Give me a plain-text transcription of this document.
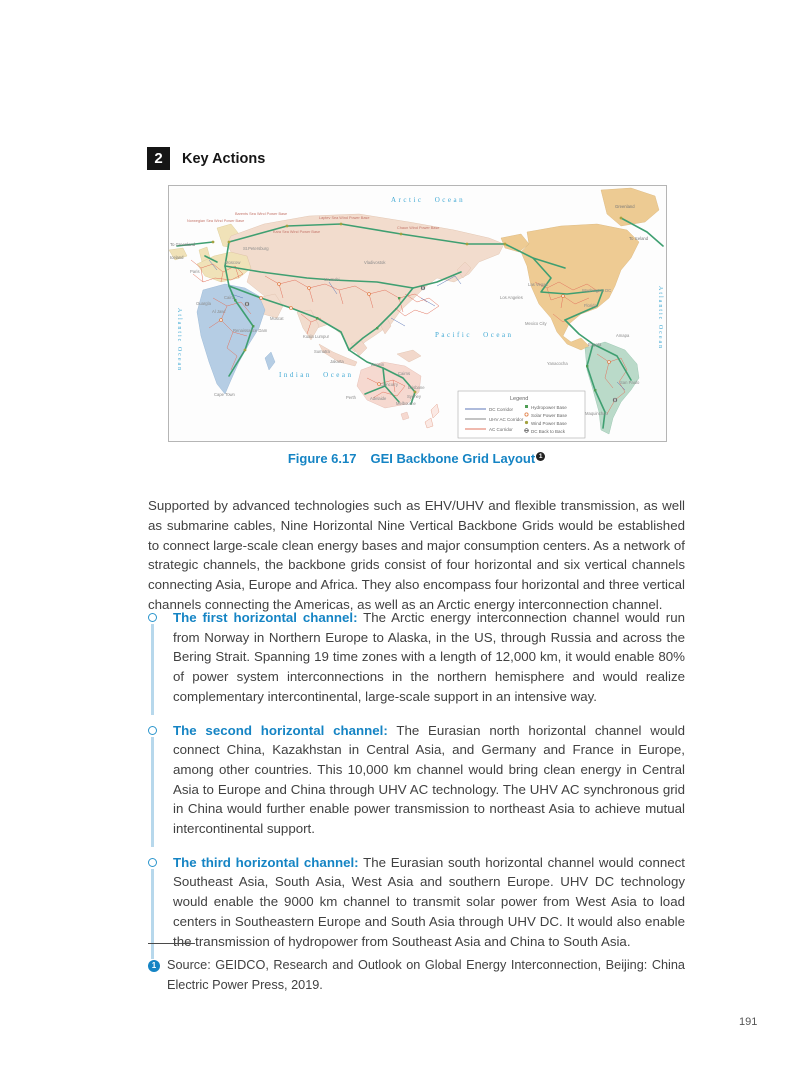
2	Key Actions
Arctic Ocean
Pacific Ocean
Indian Ocean
Atlantic Ocean	Atlantic Ocean
To Greenland
Iceland
Greenland
To Iceland
Norwegian Sea Wind Power Base
Barents Sea Wind Power Base
Kara Sea Wind Power Base
Laptev Sea Wind Power Base
Chaun Wind Power Base
St.Petersburg
Moscow
Paris
Urumchi
Vladivostok
Cairo
Ouargla
Al Jawf
Muscat
Renaissance Dam
Cape Town
Kuala Lumpur
Sumatra
Jakarta
Darwin
Cairns
Cloncurry
Brisbane
Perth	Adelaide	Sydney
Melbourne
Los Angeles
Las Vegas
Washington DC
Florida
Mexico City
Bogota
Amapa
Yanacocha
San Paulo
Maquinchao
Legend
DC Corridor
UHV AC Corridor
AC Corridor
Hydropower Base
Solar Power Base
Wind Power Base
DC Back to Back
Figure 6.17 GEI Backbone Grid Layout 1

Supported by advanced technologies such as EHV/UHV and flexible transmission, as well as submarine cables, Nine Horizontal Nine Vertical Backbone Grids would be established to connect large-scale clean energy bases and major consumption centers. As a network of strategic channels, the backbone grids consist of four horizontal and six vertical channels connecting Asia, Europe and Africa. They also encompass four horizontal and three vertical channels connecting the Americas, as well as an Arctic energy interconnection channel.

The first horizontal channel: The Arctic energy interconnection channel would run from Norway in Northern Europe to Alaska, in the US, through Russia and across the Bering Strait. Spanning 19 time zones with a length of 12,000 km, it would enable 80% of power system interconnections in the northern hemisphere and would realize complementary intercontinental, large-scale support in an intensive way.

The second horizontal channel: The Eurasian north horizontal channel would connect China, Kazakhstan in Central Asia, and Germany and France in Europe, among other countries. This 10,000 km channel would bring clean energy in Central Asia to Europe and China through UHV AC technology. The UHV AC synchronous grid in China would further enable power transmission to northeast Asia to achieve mutual intercontinental support.

The third horizontal channel: The Eurasian south horizontal channel would connect Southeast Asia, South Asia, West Asia and southern Europe. UHV DC technology would enable the 9000 km channel to transmit solar power from West Asia to load centers in Southeastern Europe and South Asia through UHV DC. It would also enable the transmission of hydropower from Southeast Asia and China to South Asia.

1 Source: GEIDCO, Research and Outlook on Global Energy Interconnection, Beijing: China Electric Power Press, 2019.
191
